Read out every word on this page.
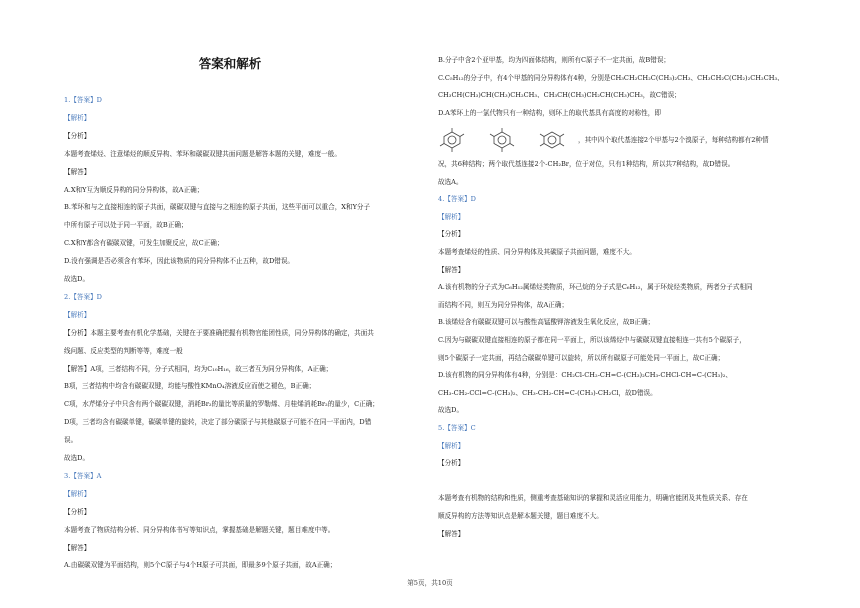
答案和解析
1.【答案】D
【解析】
【分析】
本题考查烯烃、注意烯烃的顺反异构、苯环和碳碳双键共面问题是解答本题的关键，难度一般。
【解答】
A.X和Y互为顺反异构的同分异构体，故A正确；
B.苯环和与之直接相连的原子共面，碳碳双键与直接与之相连的原子共面，这些平面可以重合，X和Y分子
中所有原子可以处于同一平面，故B正确；
C.X和Y都含有碳碳双键，可发生加聚反应，故C正确；
D.没有强调是否必须含有苯环，因此该物质的同分异构体不止五种，故D错误。
故选D。
2.【答案】D
【解析】
【分析】本题主要考查有机化学基础，关键在于要准确把握有机物官能团性质，同分异构体的确定，共面共
线问题、反应类型的判断等等，难度一般
【解答】A项，三者结构不同，分子式相同，均为C₁₀H₁₆，故三者互为同分异构体，A正确；
B项，三者结构中均含有碳碳双键，均能与酸性KMnO₄溶液反应而使之褪色，B正确；
C项，水芹烯分子中只含有两个碳碳双键，消耗Br₂的量比等质量的罗勒烯、月桂烯消耗Br₂的量少，C正确；
D项，三者均含有碳碳单键，碳碳单键的旋转，决定了部分碳原子与其他碳原子可能不在同一平面内，D错
误。
故选D。
3.【答案】A
【解析】
【分析】
本题考查了物质结构分析、同分异构体书写等知识点，掌握基础是解题关键，题目难度中等。
【解答】
A.由碳碳双键为平面结构，则5个C原子与4个H原子可共面，即最多9个原子共面，故A正确；
B.分子中含2个亚甲基，均为四面体结构，则所有C原子不一定共面，故B错误；
C.C₅H₁₂的分子中，有4个甲基的同分异构体有4种，分别是CH₃CH₂CH₂C(CH₃)₂CH₃、CH₃CH₂C(CH₂)₂CH₂CH₃、
CH₃CH(CH₃)CH(CH₃)CH₂CH₃、CH₃CH(CH₃)CH₂CH(CH₃)CH₃，故C错误；
D.A苯环上的一氯代物只有一种结构，则环上的取代基具有高度的对称性，即
，其中四个取代基连接2个甲基与2个溴原子，每种结构都有2种情
况，共6种结构；两个取代基连接2个-CH₂Br，位于对位，只有1种结构，所以共7种结构，故D错误。
故选A。
4.【答案】D
【解析】
【分析】
本题考查烯烃的性质、同分异构体及其碳原子共面问题，难度不大。
【解答】
A.该有机物的分子式为C₆H₁₂属烯烃类物质，环己烷的分子式是C₆H₁₂，属于环烷烃类物质，两者分子式相同
而结构不同，则互为同分异构体，故A正确；
B.该烯烃含有碳碳双键可以与酸性高锰酸钾溶液发生氧化反应，故B正确；
C.因为与碳碳双键直接相连的原子都在同一平面上，所以该烯烃中与碳碳双键直接相连一共有5个碳原子，
则5个碳原子一定共面，再结合碳碳单键可以旋转，所以所有碳原子可能处同一平面上，故C正确；
D.该有机物的同分异构体有4种，分别是：CH₂Cl-CH₂-CH=C-(CH₃)₂CH₃-CHCl-CH=C-(CH₃)₂、
CH₃-CH₂-CCl=C-(CH₃)₂、CH₃-CH₂-CH=C-(CH₃)-CH₂Cl，故D错误。
故选D。
5.【答案】C
【解析】
【分析】
本题考查有机物的结构和性质，侧重考查基础知识的掌握和灵活应用能力，明确官能团及其性质关系、存在
顺反异构的方法等知识点是解本题关键，题目难度不大。
【解答】
第5页，共10页
